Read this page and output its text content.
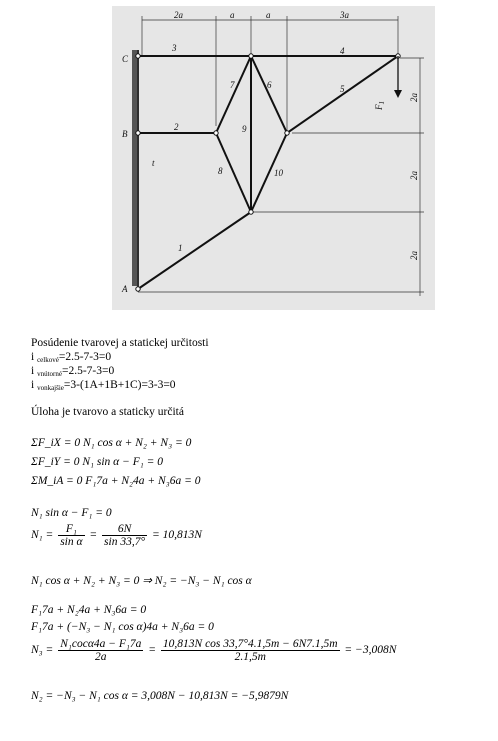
2a	a	a	3a
2a
2a
2a
C
B
A
3	4
2
7	6	5
9
8	10
1
$F_1$
t
Posúdenie tvarovej a statickej určitosti
i $_{celkové}$=2.5-7-3=0
i $_{vnútorné}$=2.5-7-3=0
i $_{vonkajšie}$=3-(1A+1B+1C)=3-3=0
Úloha je tvarovo a staticky určitá
ΣF_iX = 0 N₁ cos α + N₂ + N₃ = 0
ΣF_iY = 0 N₁ sin α − F₁ = 0
ΣM_iA = 0 F₁7a + N₂4a + N₃6a = 0
N₁ sin α − F₁ = 0
$N_1 = \frac{\text{F₁}}{\text{sin α}} = \frac{6N}{\sin 33,7^\circ} = 10,813N$
N₁ cos α + N₂ + N₃ = 0 ⇒ N₂ = −N₃ − N₁ cos α
F₁7a + N₂4a + N₃6a = 0
F₁7a + (−N₃ − N₁ cos α)4a + N₃6a = 0
$N_3 = \frac{\text{N₁cocα4a − F₁7a}}{2a} = \frac{\text{10,813N cos 33,7°4.1,5m − 6N7.1,5m}}{2.1,5m} = -3,008N$
N₂ = −N₃ − N₁ cos α = 3,008N − 10,813N = −5,9879N
